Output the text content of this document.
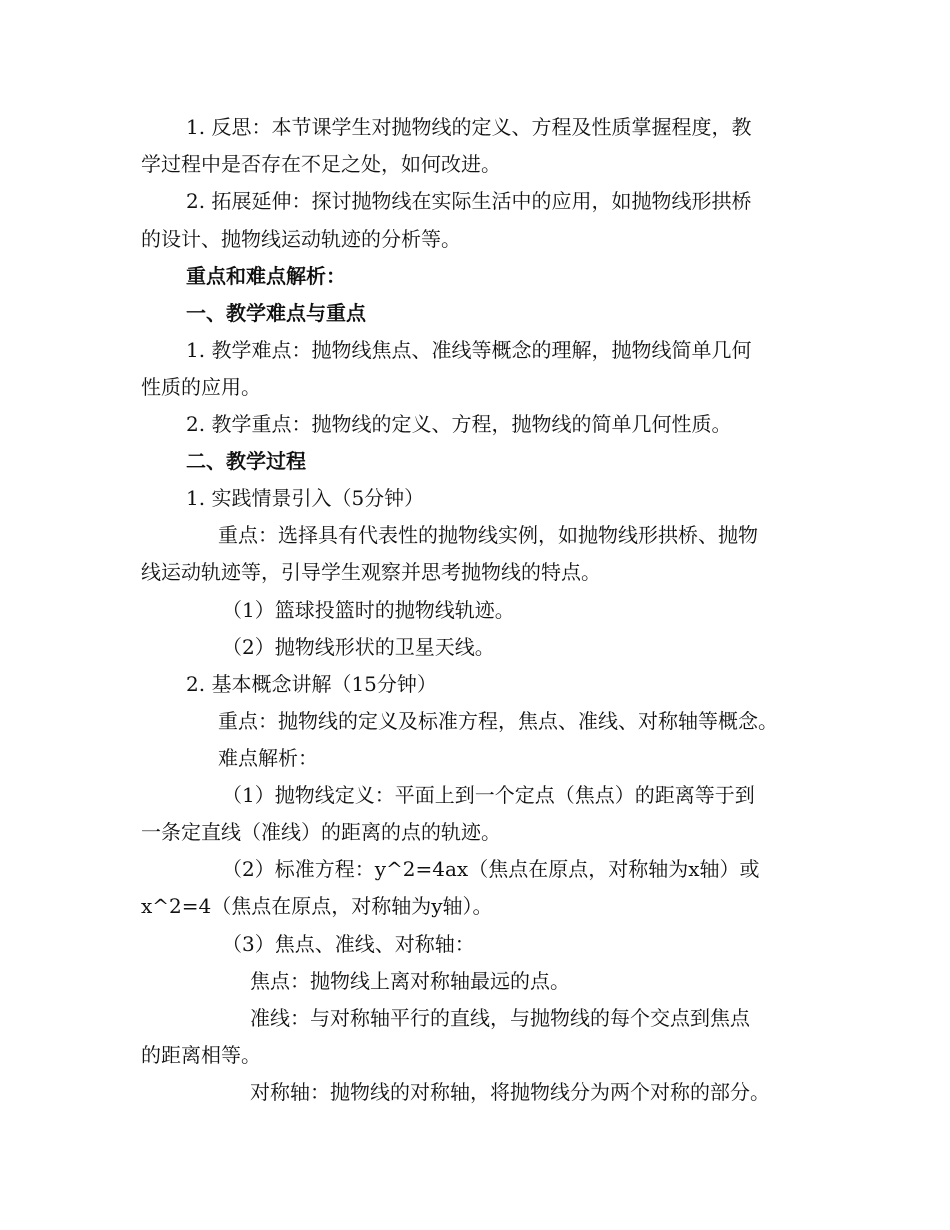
1. 反思：本节课学生对抛物线的定义、方程及性质掌握程度，教
学过程中是否存在不足之处，如何改进。
2. 拓展延伸：探讨抛物线在实际生活中的应用，如抛物线形拱桥
的设计、抛物线运动轨迹的分析等。
重点和难点解析：
一、教学难点与重点
1. 教学难点：抛物线焦点、准线等概念的理解，抛物线简单几何
性质的应用。
2. 教学重点：抛物线的定义、方程，抛物线的简单几何性质。
二、教学过程
1. 实践情景引入（5分钟）
重点：选择具有代表性的抛物线实例，如抛物线形拱桥、抛物
线运动轨迹等，引导学生观察并思考抛物线的特点。
（1）篮球投篮时的抛物线轨迹。
（2）抛物线形状的卫星天线。
2. 基本概念讲解（15分钟）
重点：抛物线的定义及标准方程，焦点、准线、对称轴等概念。
难点解析：
（1）抛物线定义：平面上到一个定点（焦点）的距离等于到
一条定直线（准线）的距离的点的轨迹。
（2）标准方程：y^2=4ax（焦点在原点，对称轴为x轴）或
x^2=4（焦点在原点，对称轴为y轴）。
（3）焦点、准线、对称轴：
焦点：抛物线上离对称轴最远的点。
准线：与对称轴平行的直线，与抛物线的每个交点到焦点
的距离相等。
对称轴：抛物线的对称轴，将抛物线分为两个对称的部分。
